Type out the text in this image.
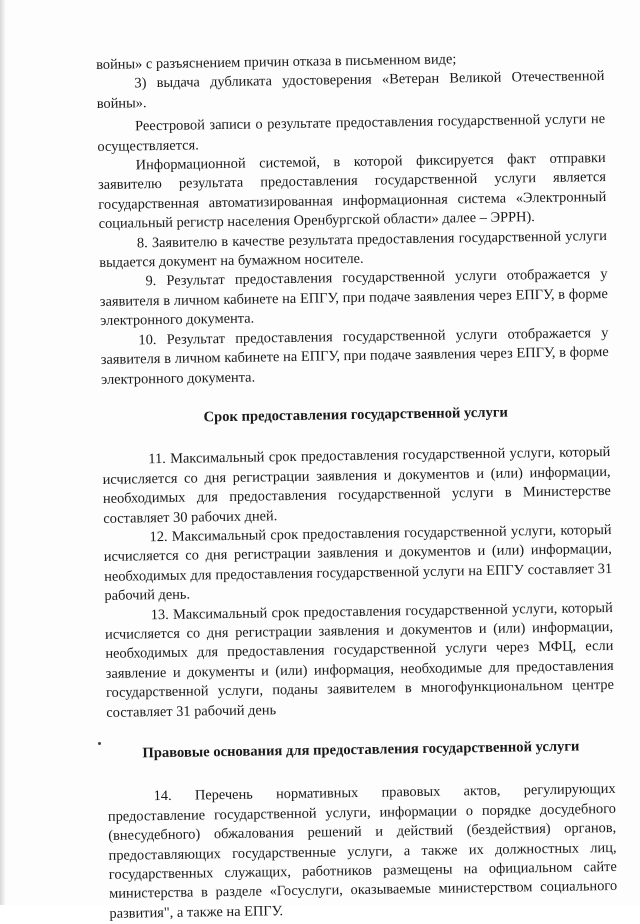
войны» с разъяснением причин отказа в письменном виде;

3) выдача дубликата удостоверения «Ветеран Великой Отечественной войны».

Реестровой записи о результате предоставления государственной услуги не осуществляется.

Информационной системой, в которой фиксируется факт отправки заявителю результата предоставления государственной услуги является государственная автоматизированная информационная система «Электронный социальный регистр населения Оренбургской области» далее – ЭРРН).

8. Заявителю в качестве результата предоставления государственной услуги выдается документ на бумажном носителе.

9. Результат предоставления государственной услуги отображается у заявителя в личном кабинете на ЕПГУ, при подаче заявления через ЕПГУ, в форме электронного документа.

10. Результат предоставления государственной услуги отображается у заявителя в личном кабинете на ЕПГУ, при подаче заявления через ЕПГУ, в форме электронного документа.

Срок предоставления государственной услуги

11. Максимальный срок предоставления государственной услуги, который исчисляется со дня регистрации заявления и документов и (или) информации, необходимых для предоставления государственной услуги в Министерстве составляет 30 рабочих дней.

12. Максимальный срок предоставления государственной услуги, который исчисляется со дня регистрации заявления и документов и (или) информации, необходимых для предоставления государственной услуги на ЕПГУ составляет 31 рабочий день.

13. Максимальный срок предоставления государственной услуги, который исчисляется со дня регистрации заявления и документов и (или) информации, необходимых для предоставления государственной услуги через МФЦ, если заявление и документы и (или) информация, необходимые для предоставления государственной услуги, поданы заявителем в многофункциональном центре составляет 31 рабочий день

Правовые основания для предоставления государственной услуги

14. Перечень нормативных правовых актов, регулирующих предоставление государственной услуги, информации о порядке досудебного (внесудебного) обжалования решений и действий (бездействия) органов, предоставляющих государственные услуги, а также их должностных лиц, государственных служащих, работников размещены на официальном сайте министерства в разделе «Госуслуги, оказываемые министерством социального развития", а также на ЕПГУ.
